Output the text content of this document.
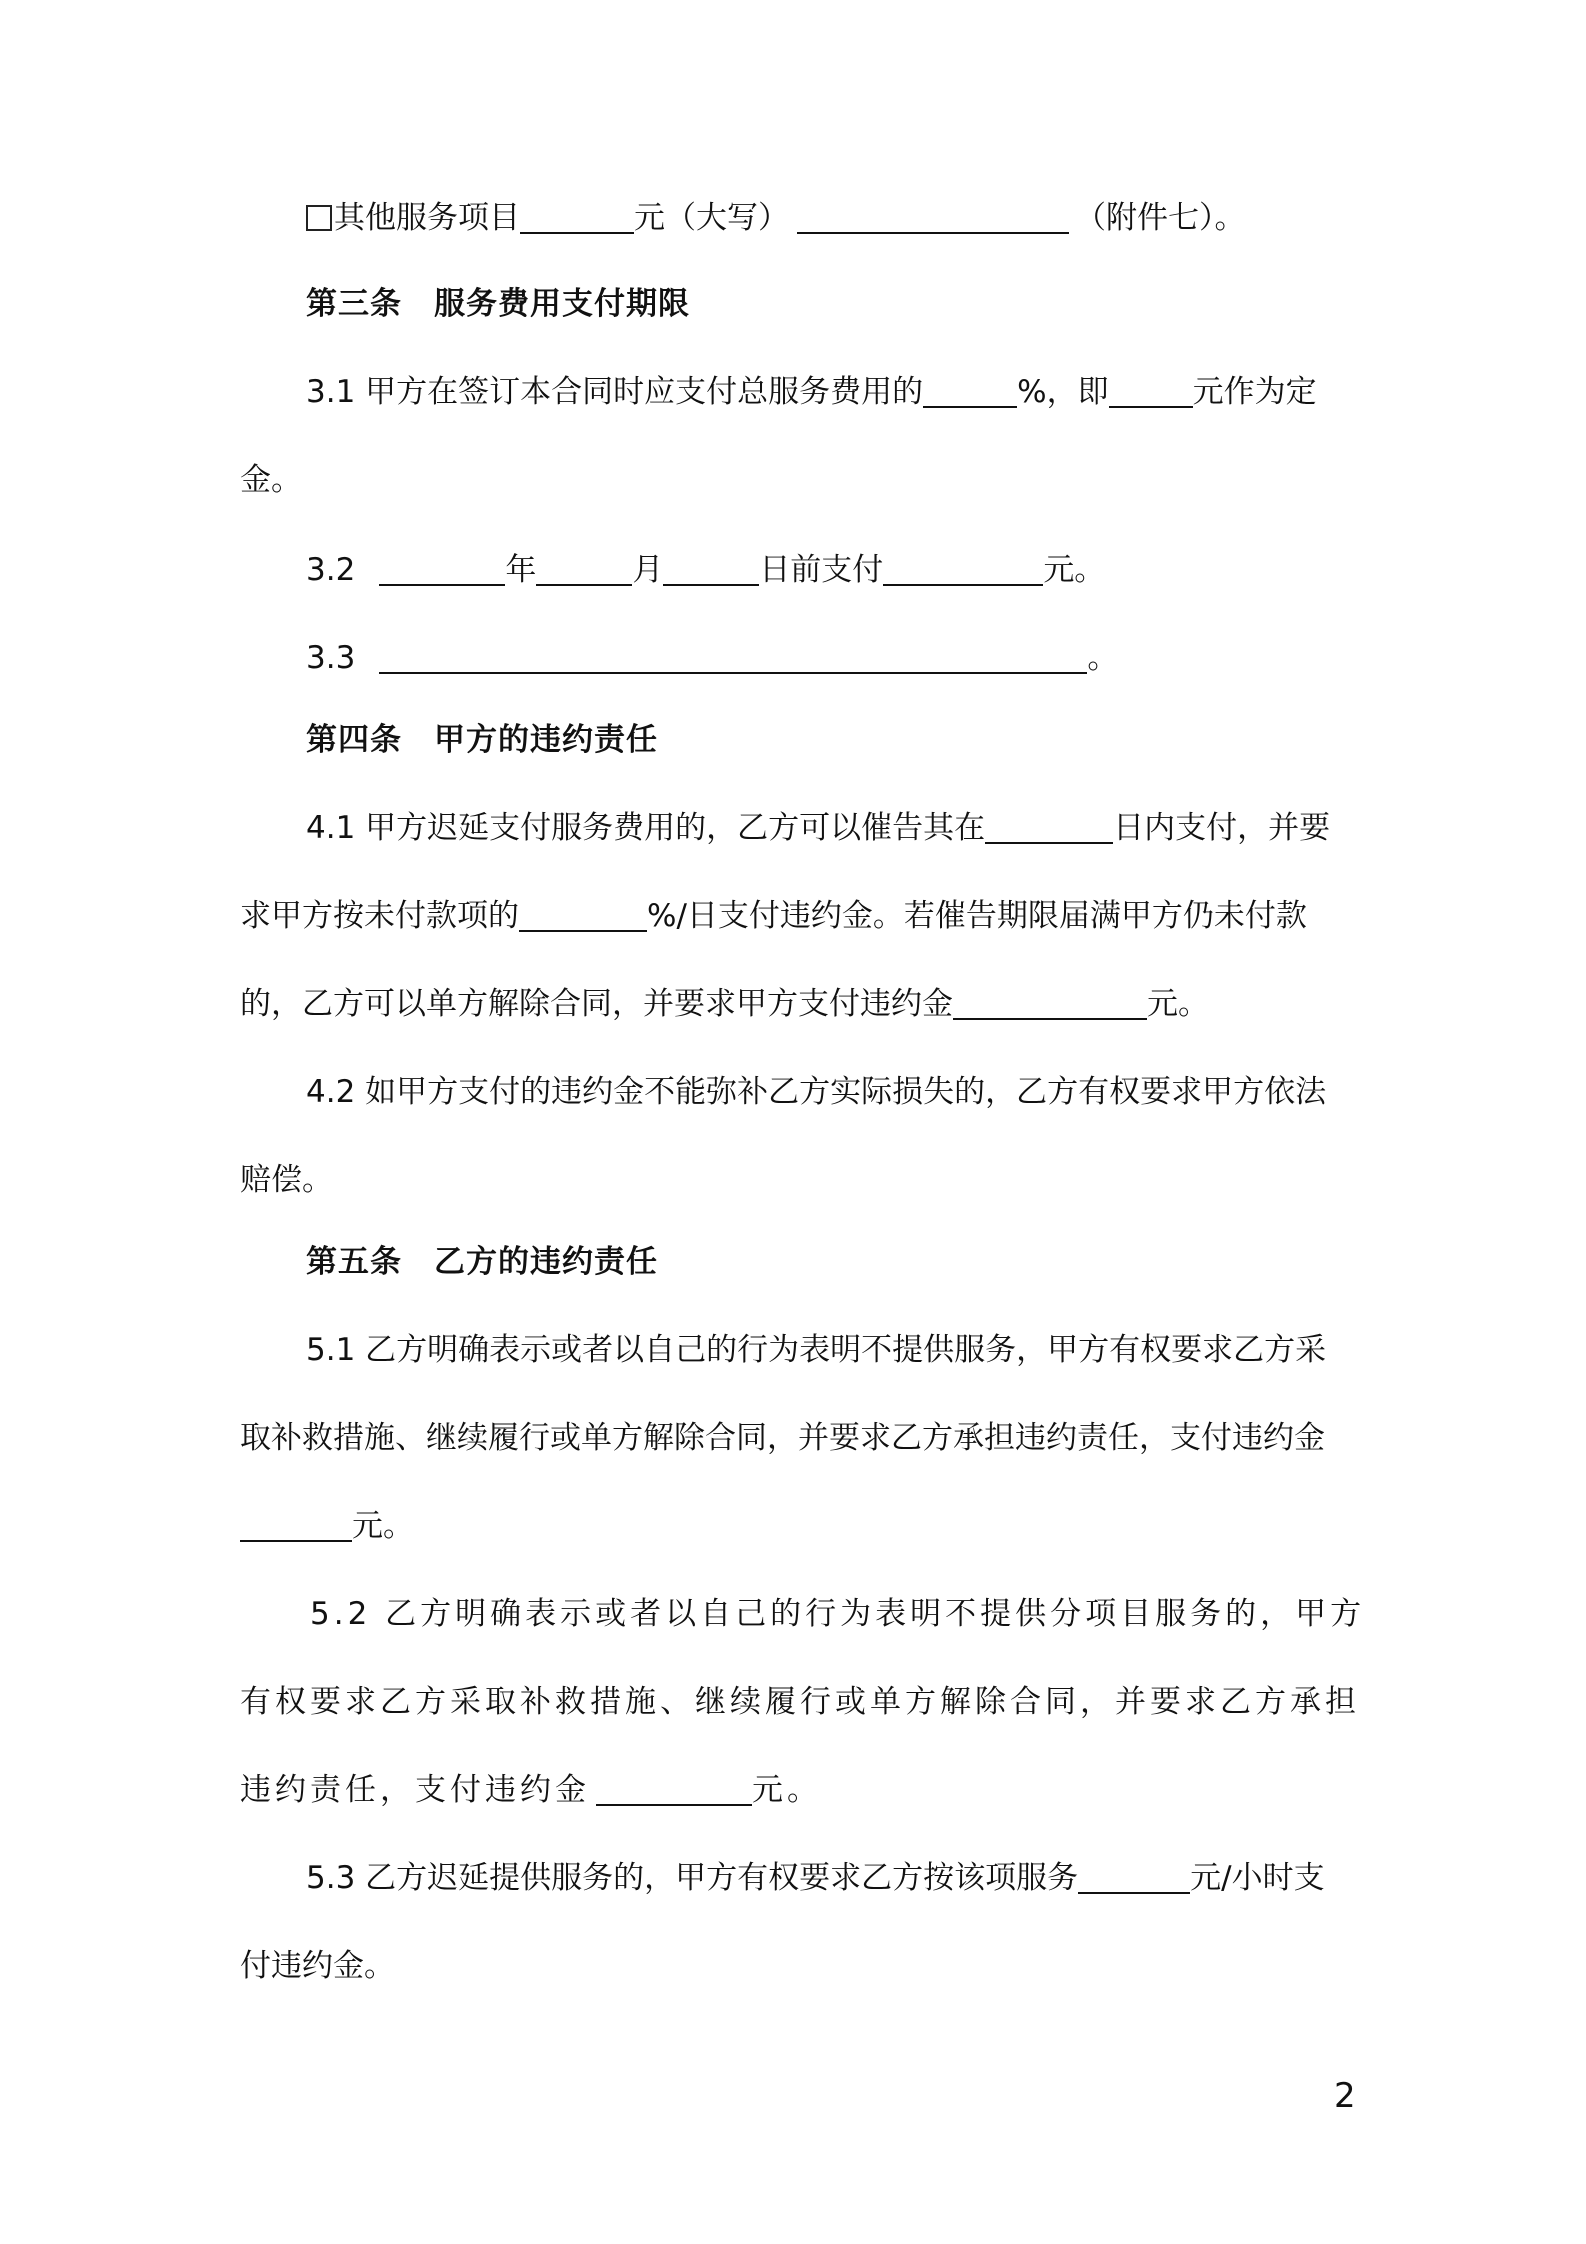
其他服务项目	元（大写）	（附件七）。
第三条　服务费用支付期限
3.1 甲方在签订本合同时应支付总服务费用的	%，即	元作为定
金。
3.2	年	月	日前支付	元。
3.3	。
第四条　甲方的违约责任
4.1 甲方迟延支付服务费用的，乙方可以催告其在	日内支付，并要
求甲方按未付款项的	%/日支付违约金。若催告期限届满甲方仍未付款
的，乙方可以单方解除合同，并要求甲方支付违约金	元。
4.2 如甲方支付的违约金不能弥补乙方实际损失的，乙方有权要求甲方依法
赔偿。
第五条　乙方的违约责任
5.1 乙方明确表示或者以自己的行为表明不提供服务，甲方有权要求乙方采
取补救措施、继续履行或单方解除合同，并要求乙方承担违约责任，支付违约金
元。
5.2 乙方明确表示或者以自己的行为表明不提供分项目服务的，甲方
有权要求乙方采取补救措施、继续履行或单方解除合同，并要求乙方承担
违约责任，支付违约金	元。
5.3 乙方迟延提供服务的，甲方有权要求乙方按该项服务	元/小时支
付违约金。
2
